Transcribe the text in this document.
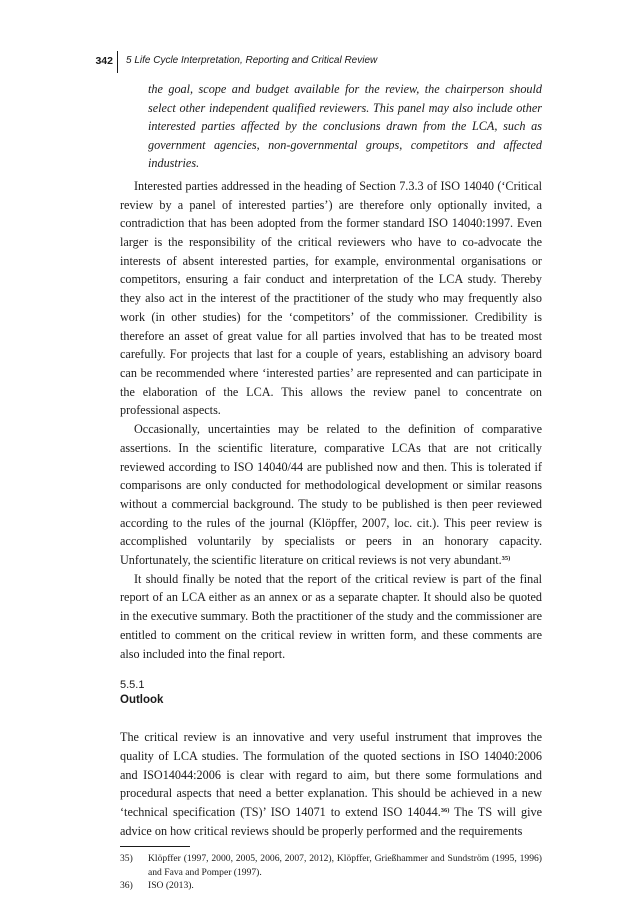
342 5 Life Cycle Interpretation, Reporting and Critical Review
the goal, scope and budget available for the review, the chairperson should select other independent qualified reviewers. This panel may also include other interested parties affected by the conclusions drawn from the LCA, such as government agencies, non-governmental groups, competitors and affected industries.

Interested parties addressed in the heading of Section 7.3.3 of ISO 14040 (‘Critical review by a panel of interested parties’) are therefore only optionally invited, a contradiction that has been adopted from the former standard ISO 14040:1997. Even larger is the responsibility of the critical reviewers who have to co-advocate the interests of absent interested parties, for example, environmental organisations or competitors, ensuring a fair conduct and interpretation of the LCA study. Thereby they also act in the interest of the practitioner of the study who may frequently also work (in other studies) for the ‘competitors’ of the commissioner. Credibility is therefore an asset of great value for all parties involved that has to be treated most carefully. For projects that last for a couple of years, establishing an advisory board can be recommended where ‘interested parties’ are represented and can participate in the elaboration of the LCA. This allows the review panel to concentrate on professional aspects.

Occasionally, uncertainties may be related to the definition of comparative assertions. In the scientific literature, comparative LCAs that are not critically reviewed according to ISO 14040/44 are published now and then. This is tolerated if comparisons are only conducted for methodological development or similar reasons without a commercial background. The study to be published is then peer reviewed according to the rules of the journal (Klöpffer, 2007, loc. cit.). This peer review is accomplished voluntarily by specialists or peers in an honorary capacity. Unfortunately, the scientific literature on critical reviews is not very abundant.$^{35)}$

It should finally be noted that the report of the critical review is part of the final report of an LCA either as an annex or as a separate chapter. It should also be quoted in the executive summary. Both the practitioner of the study and the commissioner are entitled to comment on the critical review in written form, and these comments are also included into the final report.

5.5.1
Outlook

The critical review is an innovative and very useful instrument that improves the quality of LCA studies. The formulation of the quoted sections in ISO 14040:2006 and ISO14044:2006 is clear with regard to aim, but there some formulations and procedural aspects that need a better explanation. This should be achieved in a new ‘technical specification (TS)’ ISO 14071 to extend ISO 14044.$^{36)}$ The TS will give advice on how critical reviews should be properly performed and the requirements

35)	Klöpffer (1997, 2000, 2005, 2006, 2007, 2012), Klöpffer, Grießhammer and Sundström (1995, 1996) and Fava and Pomper (1997).
36)	ISO (2013).
